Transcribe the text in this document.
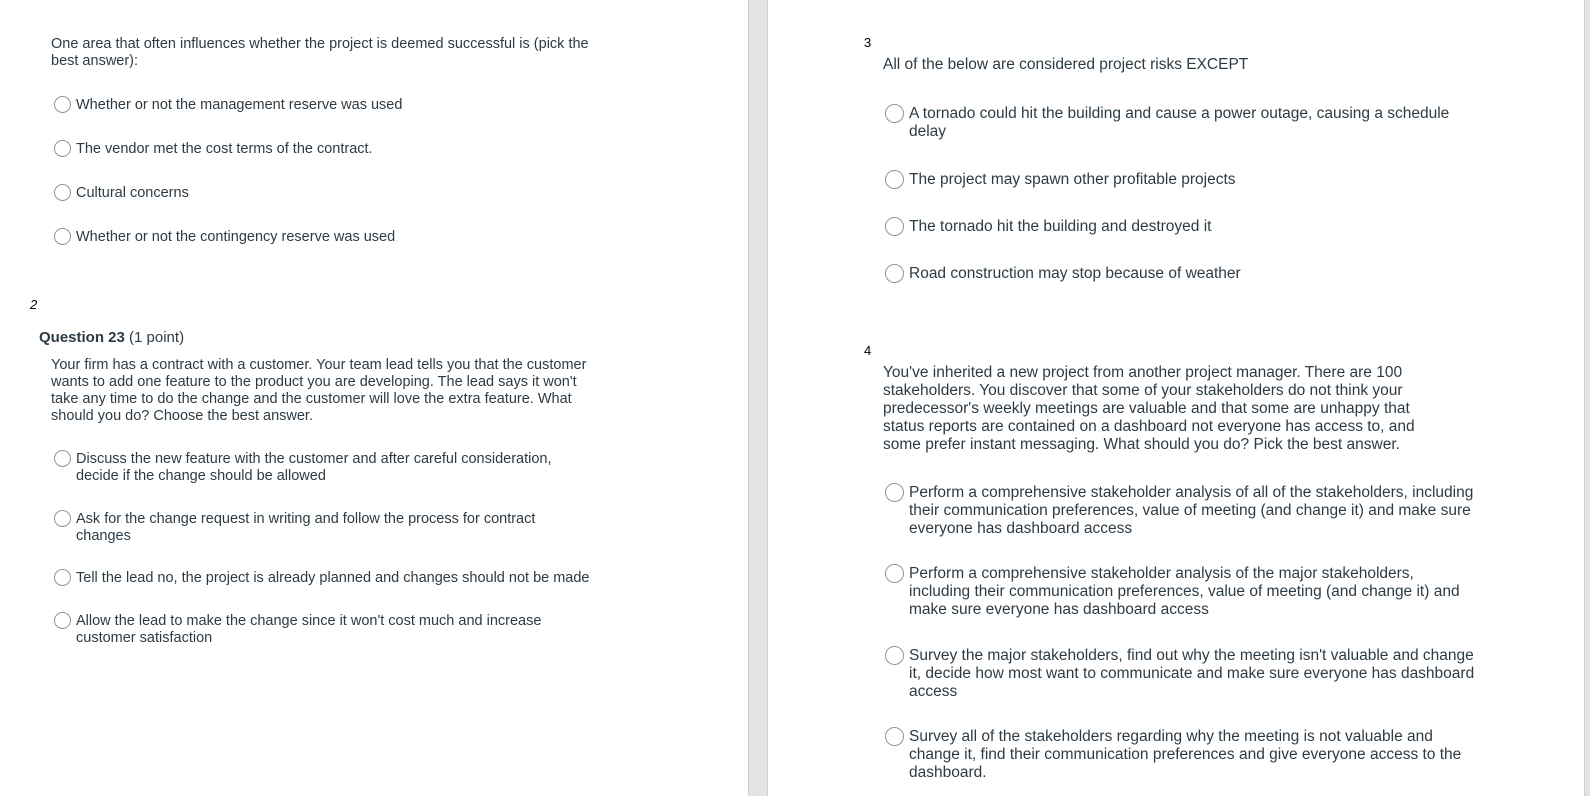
One area that often influences whether the project is deemed successful is (pick the best answer):
Whether or not the management reserve was used
The vendor met the cost terms of the contract.
Cultural concerns
Whether or not the contingency reserve was used
2
Question 23 (1 point)
Your firm has a contract with a customer. Your team lead tells you that the customer wants to add one feature to the product you are developing. The lead says it won't take any time to do the change and the customer will love the extra feature. What should you do? Choose the best answer.
Discuss the new feature with the customer and after careful consideration, decide if the change should be allowed
Ask for the change request in writing and follow the process for contract changes
Tell the lead no, the project is already planned and changes should not be made
Allow the lead to make the change since it won't cost much and increase customer satisfaction
3
All of the below are considered project risks EXCEPT
A tornado could hit the building and cause a power outage, causing a schedule delay
The project may spawn other profitable projects
The tornado hit the building and destroyed it
Road construction may stop because of weather
4
You've inherited a new project from another project manager. There are 100 stakeholders. You discover that some of your stakeholders do not think your predecessor's weekly meetings are valuable and that some are unhappy that status reports are contained on a dashboard not everyone has access to, and some prefer instant messaging. What should you do? Pick the best answer.
Perform a comprehensive stakeholder analysis of all of the stakeholders, including their communication preferences, value of meeting (and change it) and make sure everyone has dashboard access
Perform a comprehensive stakeholder analysis of the major stakeholders, including their communication preferences, value of meeting (and change it) and make sure everyone has dashboard access
Survey the major stakeholders, find out why the meeting isn't valuable and change it, decide how most want to communicate and make sure everyone has dashboard access
Survey all of the stakeholders regarding why the meeting is not valuable and change it, find their communication preferences and give everyone access to the dashboard.
